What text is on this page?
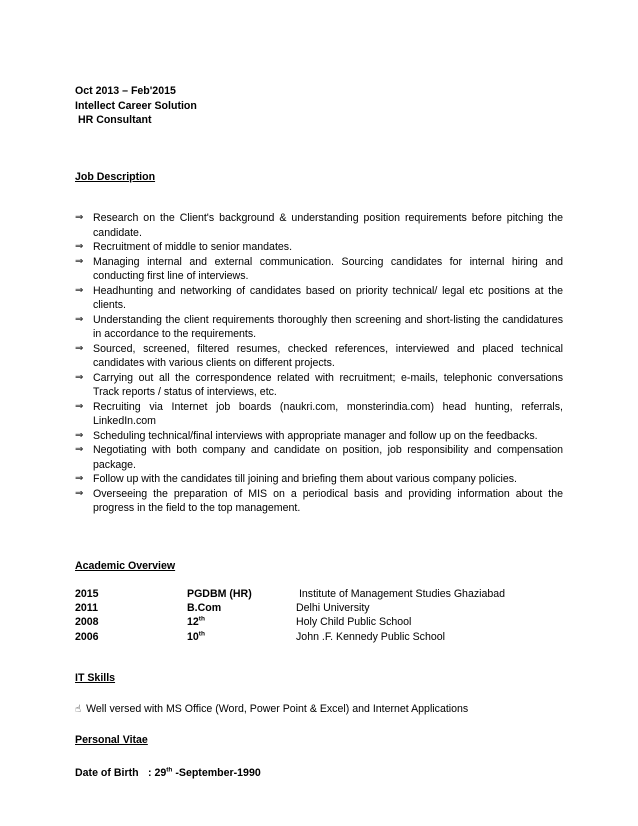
Oct 2013 – Feb'2015
Intellect Career Solution
HR Consultant
Job Description
⇒ Research on the Client's background & understanding position requirements before pitching the candidate.
⇒ Recruitment of middle to senior mandates.
⇒ Managing internal and external communication. Sourcing candidates for internal hiring and conducting first line of interviews.
⇒ Headhunting and networking of candidates based on priority technical/ legal etc positions at the clients.
⇒ Understanding the client requirements thoroughly then screening and short-listing the candidatures in accordance to the requirements.
⇒ Sourced, screened, filtered resumes, checked references, interviewed and placed technical candidates with various clients on different projects.
⇒ Carrying out all the correspondence related with recruitment; e-mails, telephonic conversations Track reports / status of interviews, etc.
⇒ Recruiting via Internet job boards (naukri.com, monsterindia.com) head hunting, referrals, LinkedIn.com
⇒ Scheduling technical/final interviews with appropriate manager and follow up on the feedbacks.
⇒ Negotiating with both company and candidate on position, job responsibility and compensation package.
⇒ Follow up with the candidates till joining and briefing them about various company policies.
⇒ Overseeing the preparation of MIS on a periodical basis and providing information about the progress in the field to the top management.
Academic Overview
2015	PGDBM (HR)	Institute of Management Studies Ghaziabad
2011	B.Com	Delhi University
2008	12th	Holy Child Public School
2006	10th	John .F. Kennedy Public School
IT Skills
☝ Well versed with MS Office (Word, Power Point & Excel) and Internet Applications
Personal Vitae
Date of Birth : 29th -September-1990
